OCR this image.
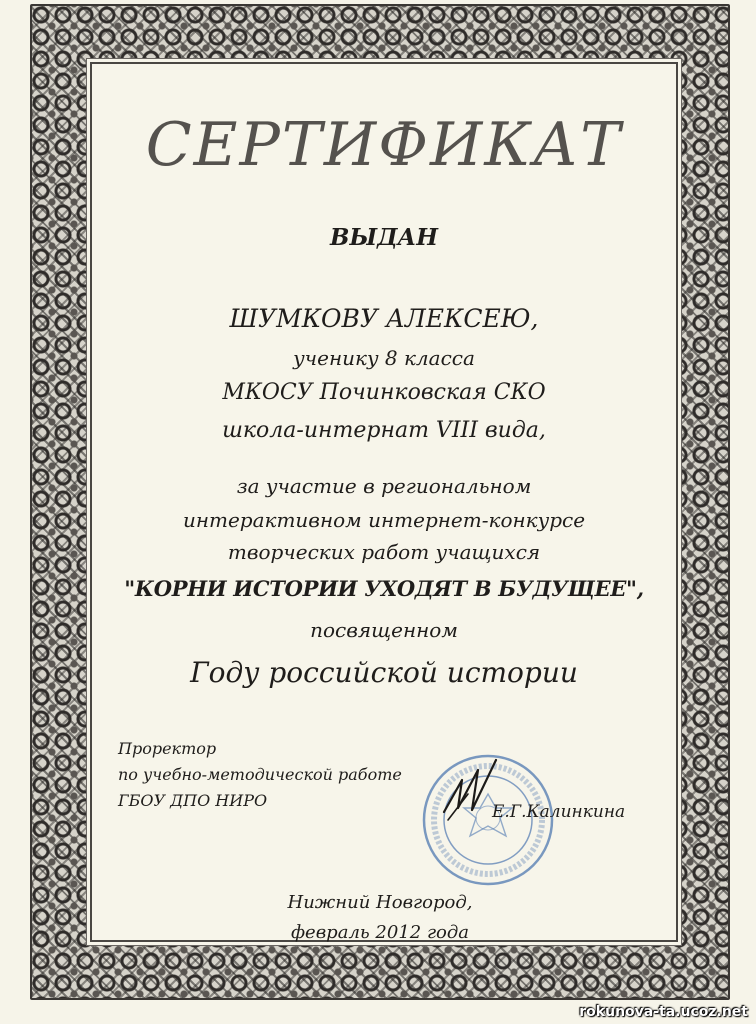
СЕРТИФИКАТ
ВЫДАН
ШУМКОВУ АЛЕКСЕЮ,
ученику 8 класса
МКОСУ Починковская СКО
школа-интернат VIII вида,
за участие в региональном
интерактивном интернет-конкурсе
творческих работ учащихся
"КОРНИ ИСТОРИИ УХОДЯТ В БУДУЩЕЕ",
посвященном
Году российской истории
Проректор
по учебно-методической работе
ГБОУ ДПО НИРО
Е.Г.Калинкина
Нижний Новгород,
февраль 2012 года
rokunova-ta.ucoz.net
